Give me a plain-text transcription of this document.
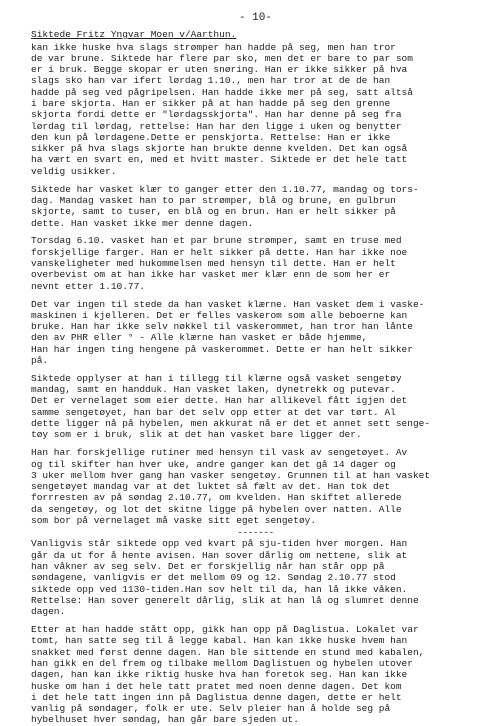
- 10-
Siktede Fritz Yngvar Moen v/Aarthun.
kan ikke huske hva slags strømper han hadde på seg, men han tror
de var brune. Siktede har flere par sko, men det er bare to par som
er i bruk. Begge skopar er uten snøring. Han er ikke sikker på hva
slags sko han var ifert lørdag 1.10., men har tror at de de han
hadde på seg ved pågripelsen. Han hadde ikke mer på seg, satt altså
i bare skjorta. Han er sikker på at han hadde på seg den grenne
skjorta fordi dette er "lørdagsskjorta". Han har denne på seg fra
lørdag til lørdag, rettelse: Han har den ligge i uken og benytter
den kun på lørdagene.Dette er penskjorta. Rettelse: Han er ikke
sikker på hva slags skjorte han brukte denne kvelden. Det kan også
ha vært en svart en, med et hvitt master. Siktede er det hele tatt
veldig usikker.
Siktede har vasket klær to ganger etter den 1.10.77, mandag og tors-
dag. Mandag vasket han to par strømper, blå og brune, en gulbrun
skjorte, samt to tuser, en blå og en brun. Han er helt sikker på
dette. Han vasket ikke mer denne dagen.
Torsdag 6.10. vasket han et par brune strømper, samt en truse med
forskjellige farger. Han er helt sikker på dette. Han har ikke noe
vanskeligheter med hukommelsen med hensyn til dette. Han er helt
overbevist om at han ikke har vasket mer klær enn de som her er
nevnt etter 1.10.77.
Det var ingen til stede da han vasket klærne. Han vasket dem i vaske-
maskinen i kjelleren. Det er felles vaskerom som alle beboerne kan
bruke. Han har ikke selv nøkkel til vaskerommet, han tror han lånte
den av PHR eller ° - Alle klærne han vasket er både hjemme,
Han har ingen ting hengene på vaskerommet. Dette er han helt sikker
på.
Siktede opplyser at han i tillegg til klærne også vasket sengetøy
mandag, samt en handduk. Han vasket laken, dynetrekk og putevar.
Det er vernelaget som eier dette. Han har allikevel fått igjen det
samme sengetøyet, han bar det selv opp etter at det var tørt. Al
dette ligger nå på hybelen, men akkurat nå er det et annet sett senge-
tøy som er i bruk, slik at det han vasket bare ligger der.
Han har forskjellige rutiner med hensyn til vask av sengetøyet. Av
og til skifter han hver uke, andre ganger kan det gå 14 dager og
3 uker mellom hver gang han vasker sengetøy. Grunnen til at han vasket
sengetøyet mandag var at det luktet så fælt av det. Han tok det
forrresten av på søndag 2.10.77, om kvelden. Han skiftet allerede
da sengetøy, og lot det skitne ligge på hybelen over natten. Alle
som bor på vernelaget må vaske sitt eget sengetøy.
-------
Vanligvis står siktede opp ved kvart på sju-tiden hver morgen. Han
går da ut for å hente avisen. Han sover dårlig om nettene, slik at
han våkner av seg selv. Det er forskjellig når han står opp på
søndagene, vanligvis er det mellom 09 og 12. Søndag 2.10.77 stod
siktede opp ved 1130-tiden.Han sov helt til da, han lå ikke våken.
Rettelse: Han sover generelt dårlig, slik at han lå og slumret denne
dagen.
Etter at han hadde stått opp, gikk han opp på Daglistua. Lokalet var
tomt, han satte seg til å legge kabal. Han kan ikke huske hvem han
snakket med først denne dagen. Han ble sittende en stund med kabalen,
han gikk en del frem og tilbake mellom Daglistuen og hybelen utover
dagen, han kan ikke riktig huske hva han foretok seg. Han kan ikke
huske om han i det hele tatt pratet med noen denne dagen. Det kom
i det hele tatt ingen inn på Daglistua denne dagen, dette er helt
vanlig på søndager, folk er ute. Selv pleier han å holde seg på
hybelhuset hver søndag, han går bare sjeden ut.
